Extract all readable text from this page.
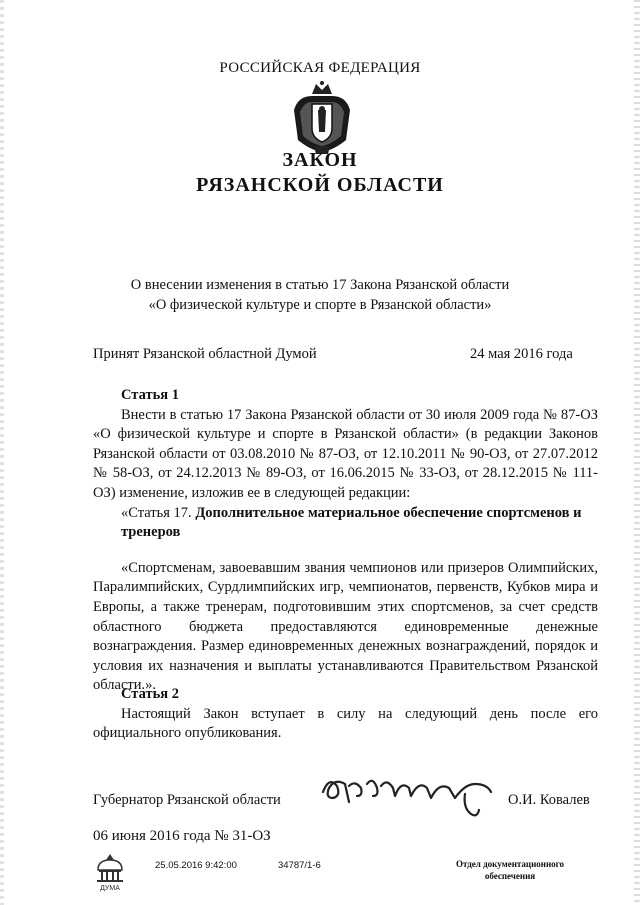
РОССИЙСКАЯ ФЕДЕРАЦИЯ
ЗАКОН
РЯЗАНСКОЙ ОБЛАСТИ
О внесении изменения в статью 17 Закона Рязанской области
«О физической культуре и спорте в Рязанской области»
Принят Рязанской областной Думой	24 мая 2016 года
Статья 1

Внести в статью 17 Закона Рязанской области от 30 июля 2009 года № 87-ОЗ «О физической культуре и спорте в Рязанской области» (в редакции Законов Рязанской области от 03.08.2010 № 87-ОЗ, от 12.10.2011 № 90-ОЗ, от 27.07.2012 № 58-ОЗ, от 24.12.2013 № 89-ОЗ, от 16.06.2015 № 33-ОЗ, от 28.12.2015 № 111-ОЗ) изменение, изложив ее в следующей редакции:

«Статья 17. Дополнительное материальное обеспечение спортсменов и тренеров

«Спортсменам, завоевавшим звания чемпионов или призеров Олимпийских, Паралимпийских, Сурдлимпийских игр, чемпионатов, первенств, Кубков мира и Европы, а также тренерам, подготовившим этих спортсменов, за счет средств областного бюджета предоставляются единовременные денежные вознаграждения. Размер единовременных денежных вознаграждений, порядок и условия их назначения и выплаты устанавливаются Правительством Рязанской области.».

Статья 2

Настоящий Закон вступает в силу на следующий день после его официального опубликования.

Губернатор Рязанской области	О.И. Ковалев
06 июня 2016 года № 31-ОЗ
ДУМА
25.05.2016 9:42:00	34787/1-6	Отдел документационного
обеспечения
